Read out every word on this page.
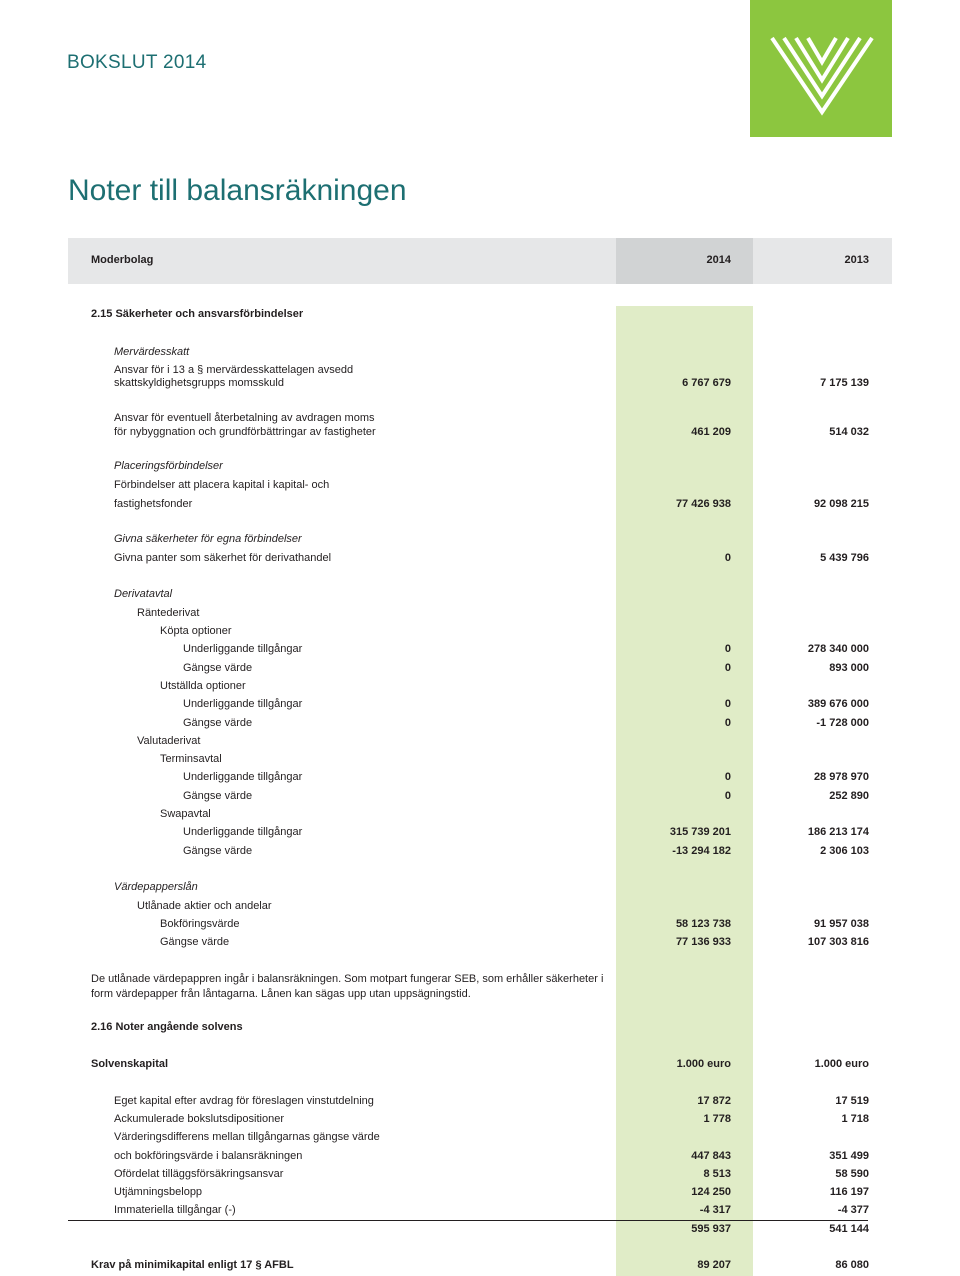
BOKSLUT 2014
Noter till balansräkningen
Moderbolag	2014	2013
2.15 Säkerheter och ansvarsförbindelser
Mervärdesskatt
Ansvar för i 13 a § mervärdesskattelagen avsedd
skattskyldighetsgrupps momsskuld	6 767 679	7 175 139
Ansvar för eventuell återbetalning av avdragen moms
för nybyggnation och grundförbättringar av fastigheter	461 209	514 032
Placeringsförbindelser
Förbindelser att placera kapital i kapital- och
fastighetsfonder	77 426 938	92 098 215
Givna säkerheter för egna förbindelser
Givna panter som säkerhet för derivathandel	0	5 439 796
Derivatavtal
Räntederivat
Köpta optioner
Underliggande tillgångar	0	278 340 000
Gängse värde	0	893 000
Utställda optioner
Underliggande tillgångar	0	389 676 000
Gängse värde	0	-1 728 000
Valutaderivat
Terminsavtal
Underliggande tillgångar	0	28 978 970
Gängse värde	0	252 890
Swapavtal
Underliggande tillgångar	315 739 201	186 213 174
Gängse värde	-13 294 182	2 306 103
Värdepapperslån
Utlånade aktier och andelar
Bokföringsvärde	58 123 738	91 957 038
Gängse värde	77 136 933	107 303 816
De utlånade värdepappren ingår i balansräkningen. Som motpart fungerar SEB, som erhåller säkerheter i form värdepapper från låntagarna. Lånen kan sägas upp utan uppsägningstid.
2.16 Noter angående solvens
Solvenskapital	1.000 euro	1.000 euro
Eget kapital efter avdrag för föreslagen vinstutdelning	17 872	17 519
Ackumulerade bokslutsdipositioner	1 778	1 718
Värderingsdifferens mellan tillgångarnas gängse värde
och bokföringsvärde i balansräkningen	447 843	351 499
Ofördelat tilläggsförsäkringsansvar	8 513	58 590
Utjämningsbelopp	124 250	116 197
Immateriella tillgångar (-)	-4 317	-4 377
595 937	541 144
Krav på minimikapital enligt 17 § AFBL	89 207	86 080
